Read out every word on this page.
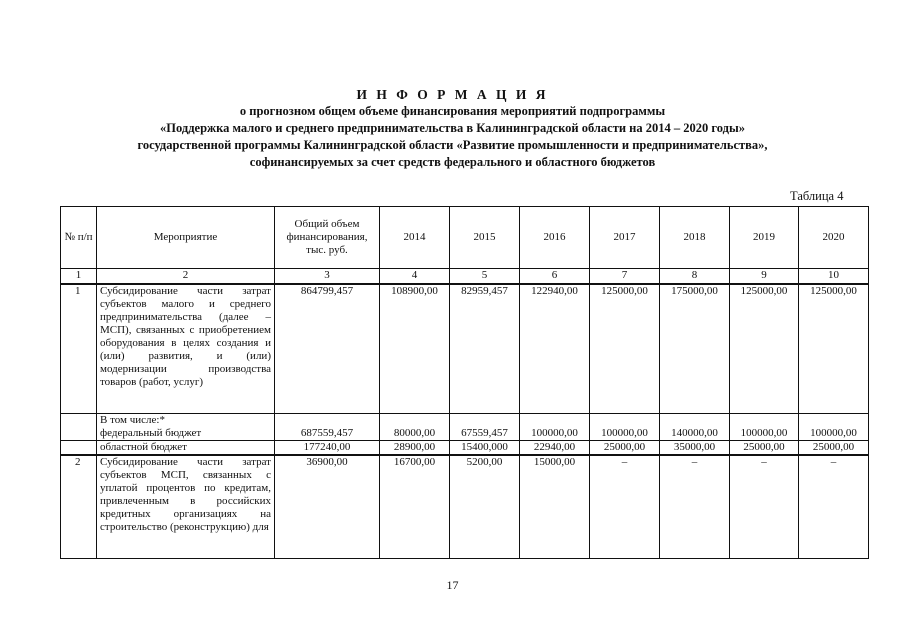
И Н Ф О Р М А Ц И Я
о прогнозном общем объеме финансирования мероприятий подпрограммы
«Поддержка малого и среднего предпринимательства в Калининградской области на 2014 – 2020 годы»
государственной программы Калининградской области «Развитие промышленности и предпринимательства»,
софинансируемых за счет средств федерального и областного бюджетов
Таблица 4
№ п/п	Мероприятие	Общий объем финансирования, тыс. руб.	2014	2015	2016	2017	2018	2019	2020
1	2	3	4	5	6	7	8	9	10
1	Субсидирование части затрат субъектов малого и среднего предпринимательства (далее – МСП), связанных с приобретением оборудования в целях создания и (или) развития, и (или) модернизации производства товаров (работ, услуг)	864799,457	108900,00	82959,457	122940,00	125000,00	175000,00	125000,00	125000,00
	В том числе:*								
	федеральный бюджет	687559,457	80000,00	67559,457	100000,00	100000,00	140000,00	100000,00	100000,00
	областной бюджет	177240,00	28900,00	15400,000	22940,00	25000,00	35000,00	25000,00	25000,00
2	Субсидирование части затрат субъектов МСП, связанных с уплатой процентов по кредитам, привлеченным в российских кредитных организациях на строительство (реконструкцию) для	36900,00	16700,00	5200,00	15000,00	–	–	–	–
17
